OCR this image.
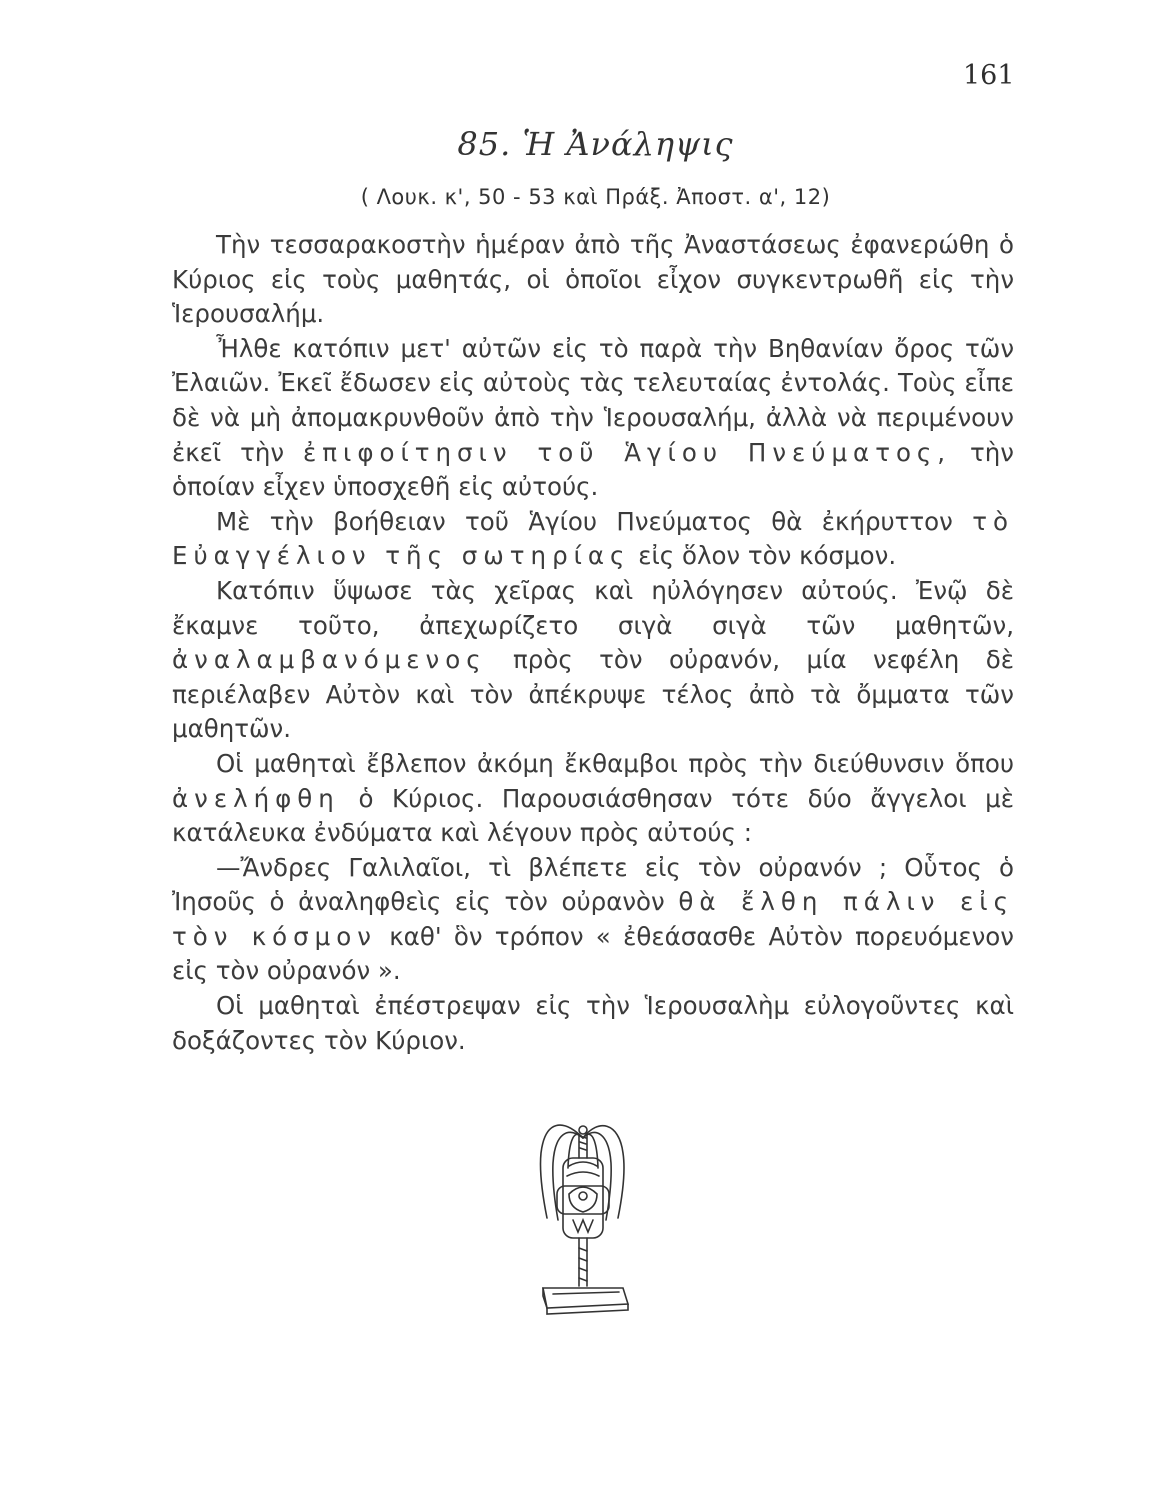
161
85. Ἡ Ἀνάληψις
( Λουκ. κ', 50 - 53 καὶ Πράξ. Ἀποστ. α', 12)

Τὴν τεσσαρακοστὴν ἡμέραν ἀπὸ τῆς Ἀναστάσεως ἐφανερώθη ὁ Κύριος εἰς τοὺς μαθητάς, οἱ ὁποῖοι εἶχον συγκεντρωθῆ εἰς τὴν Ἱερουσαλήμ.

Ἦλθε κατόπιν μετ' αὐτῶν εἰς τὸ παρὰ τὴν Βηθανίαν ὄρος τῶν Ἐλαιῶν. Ἐκεῖ ἔδωσεν εἰς αὐτοὺς τὰς τελευταίας ἐντολάς. Τοὺς εἶπε δὲ νὰ μὴ ἀπομακρυνθοῦν ἀπὸ τὴν Ἱερουσαλήμ, ἀλλὰ νὰ περιμένουν ἐκεῖ τὴν ἐπιφοίτησιν τοῦ Ἁγίου Πνεύματος, τὴν ὁποίαν εἶχεν ὑποσχεθῆ εἰς αὐτούς.

Μὲ τὴν βοήθειαν τοῦ Ἁγίου Πνεύματος θὰ ἐκήρυττον τὸ Εὐαγγέλιον τῆς σωτηρίας εἰς ὅλον τὸν κόσμον.

Κατόπιν ὕψωσε τὰς χεῖρας καὶ ηὐλόγησεν αὐτούς. Ἐνῷ δὲ ἔκαμνε τοῦτο, ἀπεχωρίζετο σιγὰ σιγὰ τῶν μαθητῶν, ἀναλαμβανόμενος πρὸς τὸν οὐρανόν, μία νεφέλη δὲ περιέλαβεν Αὐτὸν καὶ τὸν ἀπέκρυψε τέλος ἀπὸ τὰ ὄμματα τῶν μαθητῶν.

Οἱ μαθηταὶ ἔβλεπον ἀκόμη ἔκθαμβοι πρὸς τὴν διεύθυνσιν ὅπου ἀνελήφθη ὁ Κύριος. Παρουσιάσθησαν τότε δύο ἄγγελοι μὲ κατάλευκα ἐνδύματα καὶ λέγουν πρὸς αὐτούς :

—Ἄνδρες Γαλιλαῖοι, τὶ βλέπετε εἰς τὸν οὐρανόν ; Οὗτος ὁ Ἰησοῦς ὁ ἀναληφθεὶς εἰς τὸν οὐρανὸν θὰ ἔλθη πάλιν εἰς τὸν κόσμον καθ' ὃν τρόπον « ἐθεάσασθε Αὐτὸν πορευόμενον εἰς τὸν οὐρανόν ».

Οἱ μαθηταὶ ἐπέστρεψαν εἰς τὴν Ἱερουσαλὴμ εὐλογοῦντες καὶ δοξάζοντες τὸν Κύριον.
